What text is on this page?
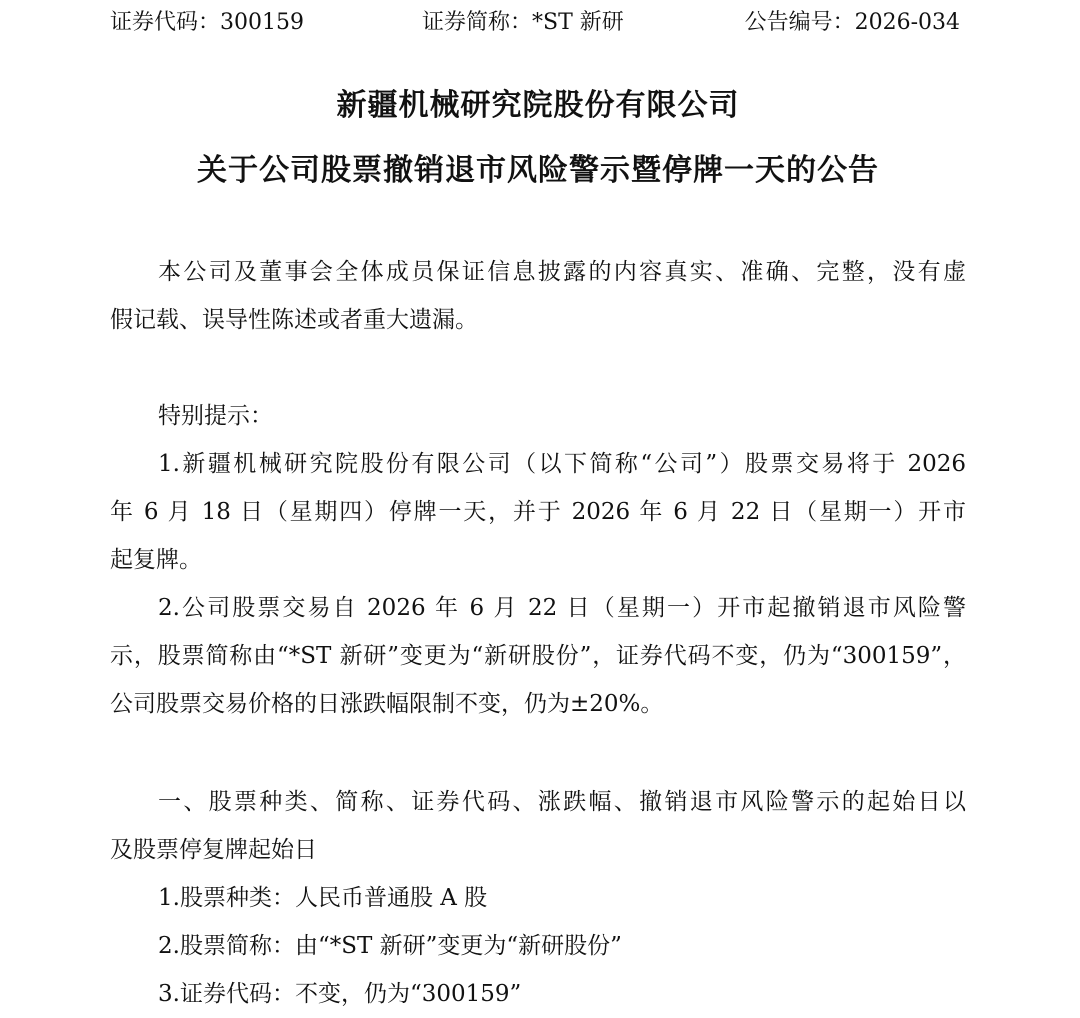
证券代码：300159	证券简称：*ST 新研	公告编号：2026-034
新疆机械研究院股份有限公司
关于公司股票撤销退市风险警示暨停牌一天的公告
本公司及董事会全体成员保证信息披露的内容真实、准确、完整，没有虚
假记载、误导性陈述或者重大遗漏。
特别提示：
1.新疆机械研究院股份有限公司（以下简称“公司”）股票交易将于 2026
年 6 月 18 日（星期四）停牌一天，并于 2026 年 6 月 22 日（星期一）开市
起复牌。
2.公司股票交易自 2026 年 6 月 22 日（星期一）开市起撤销退市风险警
示，股票简称由“*ST 新研”变更为“新研股份”，证券代码不变，仍为“300159”，
公司股票交易价格的日涨跌幅限制不变，仍为±20%。
一、股票种类、简称、证券代码、涨跌幅、撤销退市风险警示的起始日以
及股票停复牌起始日
1.股票种类：人民币普通股 A 股
2.股票简称：由“*ST 新研”变更为“新研股份”
3.证券代码：不变，仍为“300159”
